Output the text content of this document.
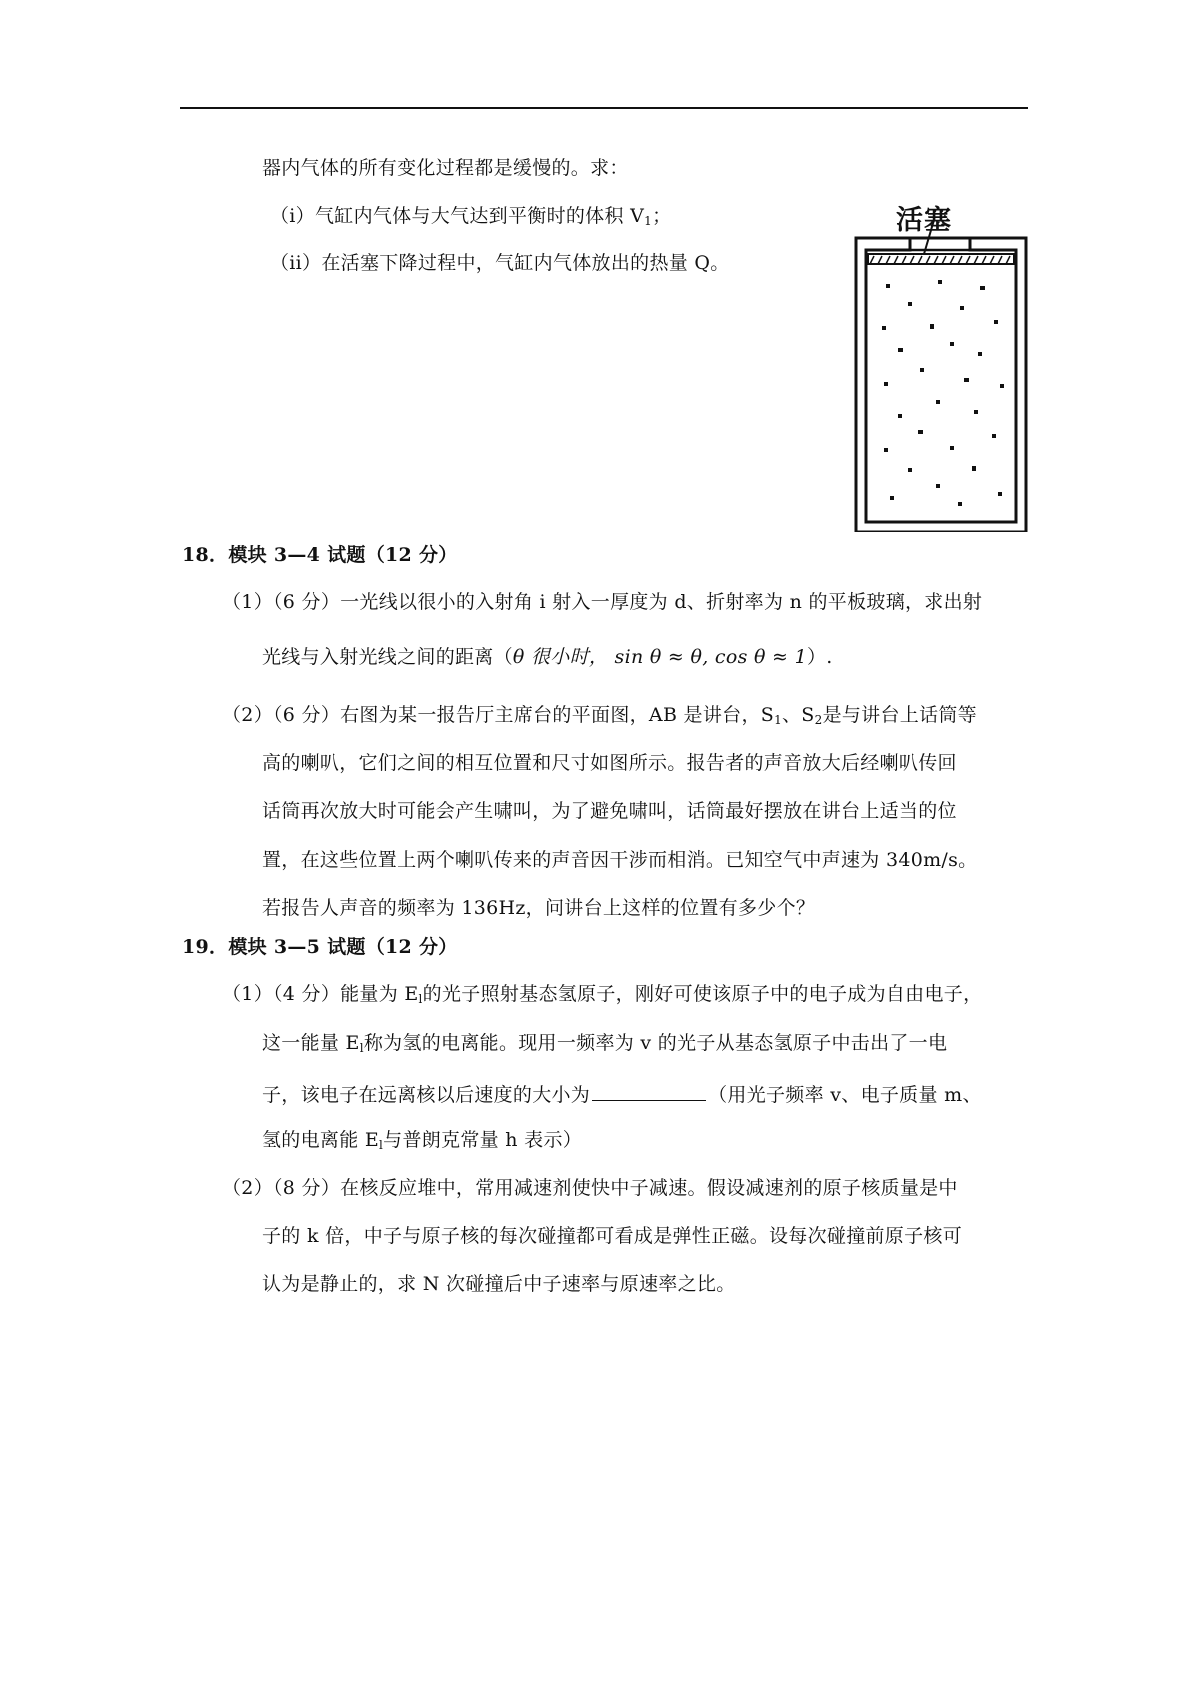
器内气体的所有变化过程都是缓慢的。求：
（i）气缸内气体与大气达到平衡时的体积 $V_1$；
（ii）在活塞下降过程中，气缸内气体放出的热量 Q。
活塞
18．模块 3—4 试题（12 分）
（1）（6 分）一光线以很小的入射角 i 射入一厚度为 d、折射率为 n 的平板玻璃，求出射
光线与入射光线之间的距离（θ 很小时， sin θ ≈ θ, cos θ ≈ 1）.
（2）（6 分）右图为某一报告厅主席台的平面图，AB 是讲台，$S_1$、$S_2$是与讲台上话筒等
高的喇叭，它们之间的相互位置和尺寸如图所示。报告者的声音放大后经喇叭传回
话筒再次放大时可能会产生啸叫，为了避免啸叫，话筒最好摆放在讲台上适当的位
置，在这些位置上两个喇叭传来的声音因干涉而相消。已知空气中声速为 340m/s。
若报告人声音的频率为 136Hz，问讲台上这样的位置有多少个？
19．模块 3—5 试题（12 分）
（1）（4 分）能量为 $E_l$的光子照射基态氢原子，刚好可使该原子中的电子成为自由电子，
这一能量 $E_l$称为氢的电离能。现用一频率为 v 的光子从基态氢原子中击出了一电
子，该电子在远离核以后速度的大小为	（用光子频率 v、电子质量 m、
氢的电离能 $E_l$与普朗克常量 h 表示）
（2）（8 分）在核反应堆中，常用减速剂使快中子减速。假设减速剂的原子核质量是中
子的 k 倍，中子与原子核的每次碰撞都可看成是弹性正磁。设每次碰撞前原子核可
认为是静止的，求 N 次碰撞后中子速率与原速率之比。
